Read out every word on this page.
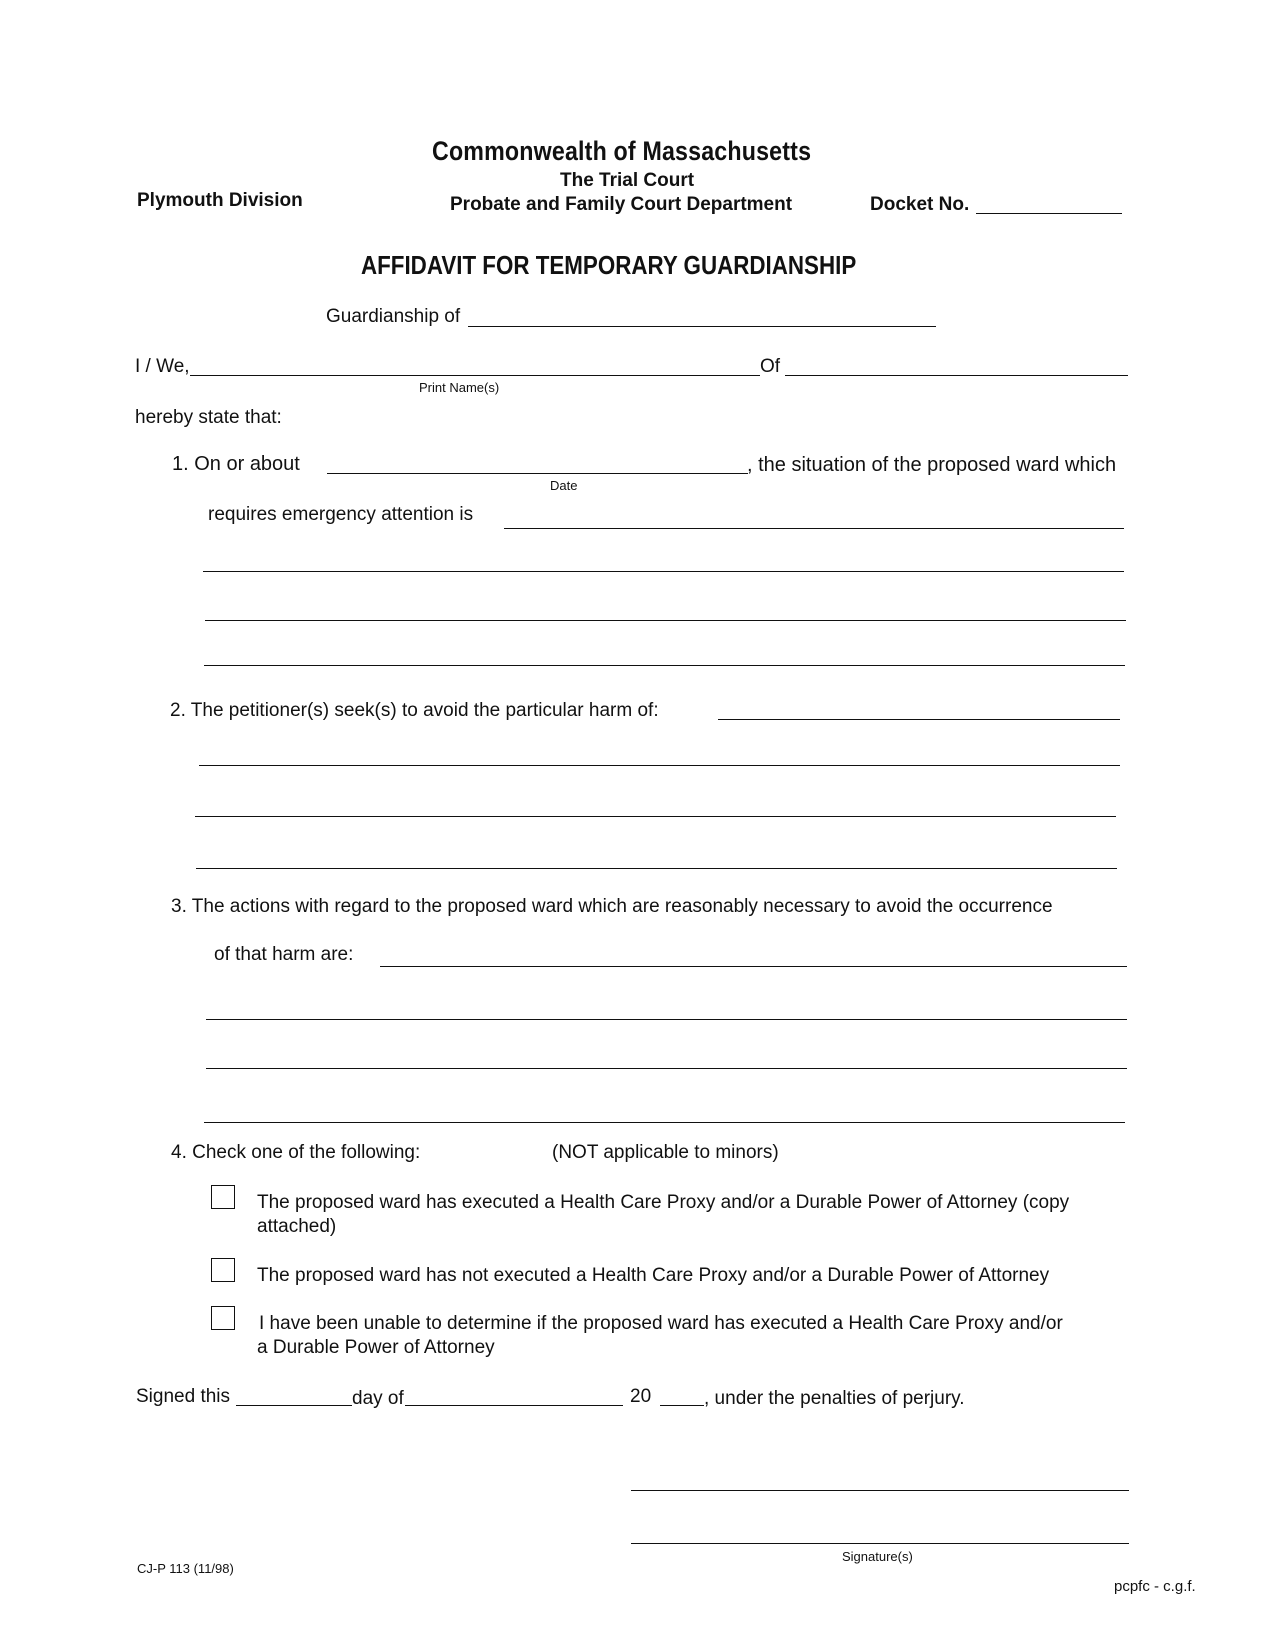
Commonwealth of Massachusetts
The Trial Court
Plymouth Division	Probate and Family Court Department	Docket No.
AFFIDAVIT FOR TEMPORARY GUARDIANSHIP
Guardianship of
I / We,	Of
Print Name(s)
hereby state that:
1. On or about	, the situation of the proposed ward which
Date
requires emergency attention is
2. The petitioner(s) seek(s) to avoid the particular harm of:
3. The actions with regard to the proposed ward which are reasonably necessary to avoid the occurrence
of that harm are:
4. Check one of the following:	(NOT applicable to minors)
The proposed ward has executed a Health Care Proxy and/or a Durable Power of Attorney (copy
attached)
The proposed ward has not executed a Health Care Proxy and/or a Durable Power of Attorney
I have been unable to determine if the proposed ward has executed a Health Care Proxy and/or
a Durable Power of Attorney
Signed this	day of	20	, under the penalties of perjury.
Signature(s)
CJ-P 113 (11/98)
pcpfc - c.g.f.
